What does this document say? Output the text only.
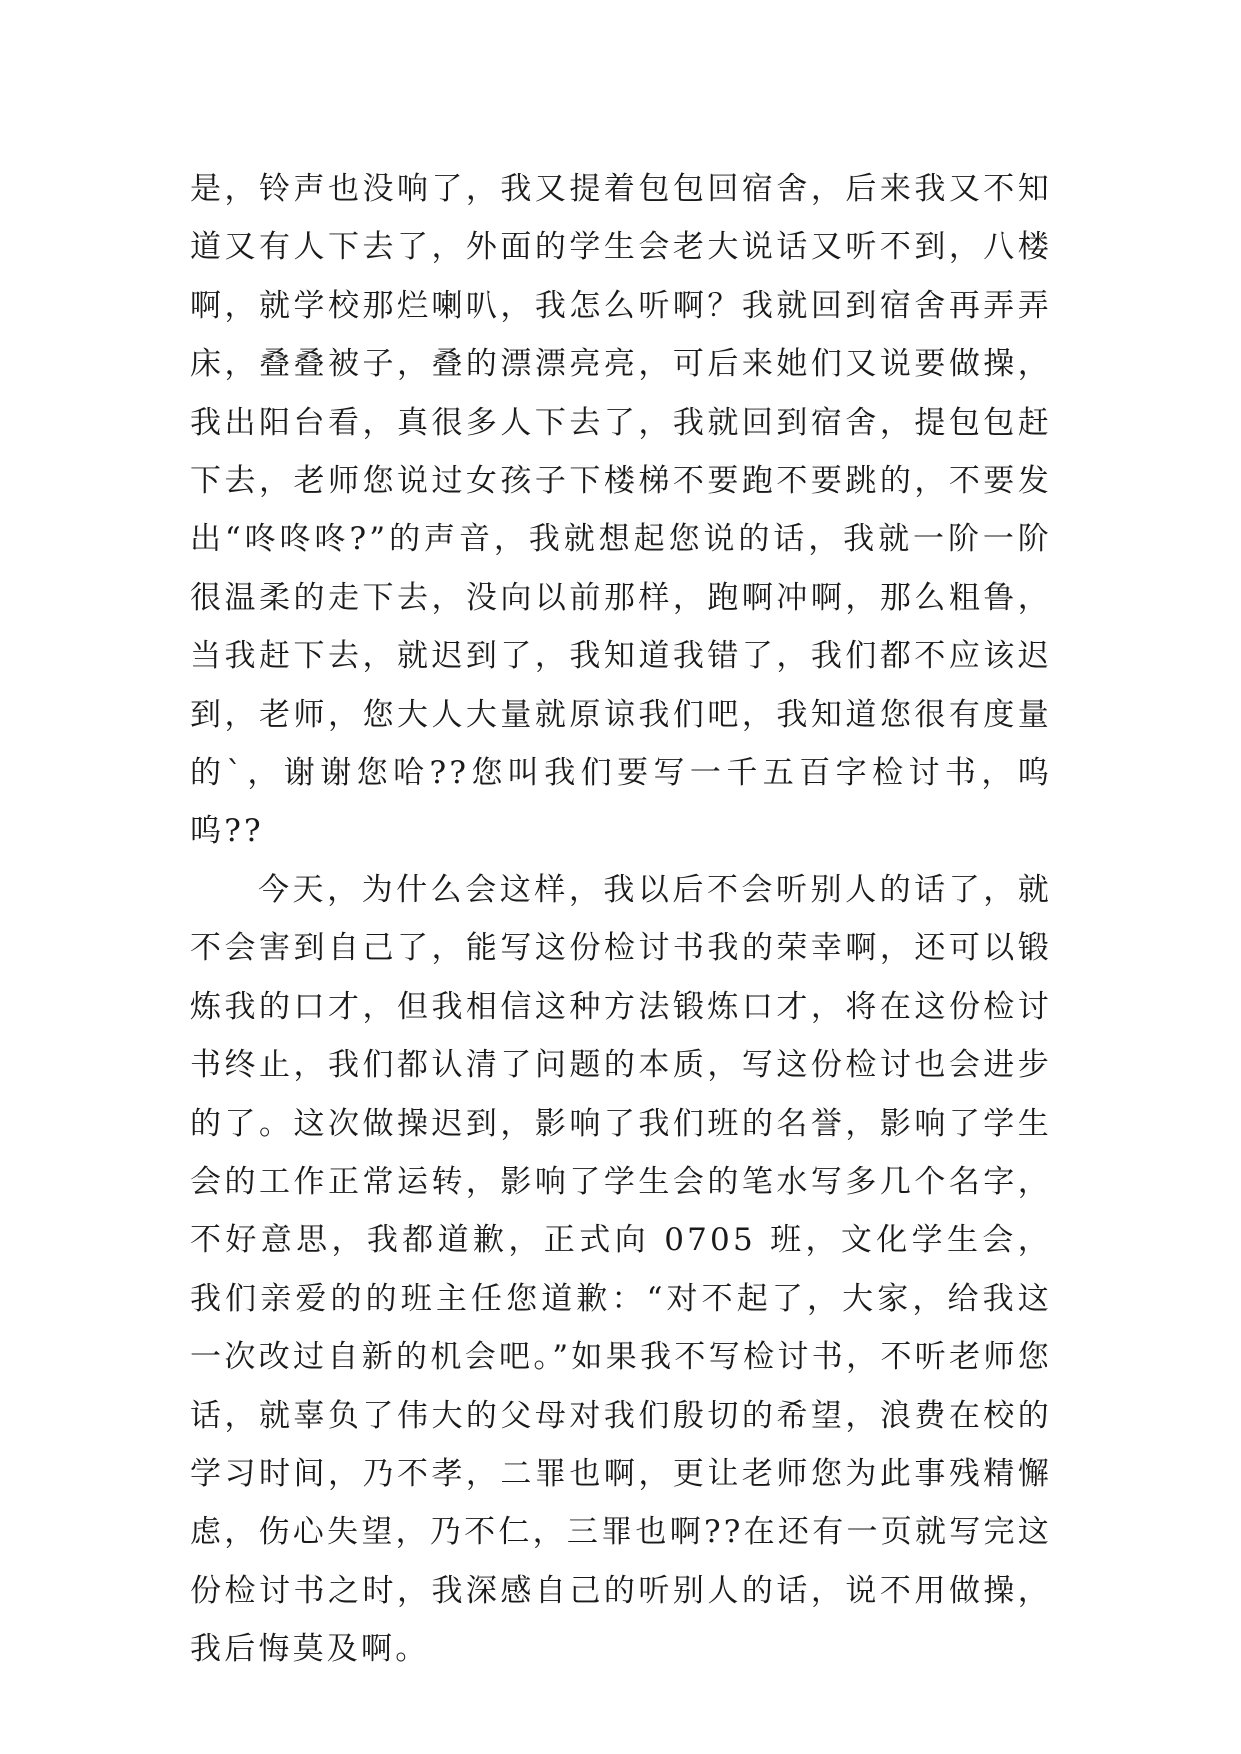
是，铃声也没响了，我又提着包包回宿舍，后来我又不知道又有人下去了，外面的学生会老大说话又听不到，八楼啊，就学校那烂喇叭，我怎么听啊？我就回到宿舍再弄弄床，叠叠被子，叠的漂漂亮亮，可后来她们又说要做操，我出阳台看，真很多人下去了，我就回到宿舍，提包包赶下去，老师您说过女孩子下楼梯不要跑不要跳的，不要发出“咚咚咚?”的声音，我就想起您说的话，我就一阶一阶很温柔的走下去，没向以前那样，跑啊冲啊，那么粗鲁，当我赶下去，就迟到了，我知道我错了，我们都不应该迟到，老师，您大人大量就原谅我们吧，我知道您很有度量的`，谢谢您哈??您叫我们要写一千五百字检讨书，呜呜??

今天，为什么会这样，我以后不会听别人的话了，就不会害到自己了，能写这份检讨书我的荣幸啊，还可以锻炼我的口才，但我相信这种方法锻炼口才，将在这份检讨书终止，我们都认清了问题的本质，写这份检讨也会进步的了。这次做操迟到，影响了我们班的名誉，影响了学生会的工作正常运转，影响了学生会的笔水写多几个名字，不好意思，我都道歉，正式向 0705 班，文化学生会，我们亲爱的的班主任您道歉：“对不起了，大家，给我这一次改过自新的机会吧。”如果我不写检讨书，不听老师您话，就辜负了伟大的父母对我们殷切的希望，浪费在校的学习时间，乃不孝，二罪也啊，更让老师您为此事残精懈虑，伤心失望，乃不仁，三罪也啊??在还有一页就写完这份检讨书之时，我深感自己的听别人的话，说不用做操，我后悔莫及啊。
